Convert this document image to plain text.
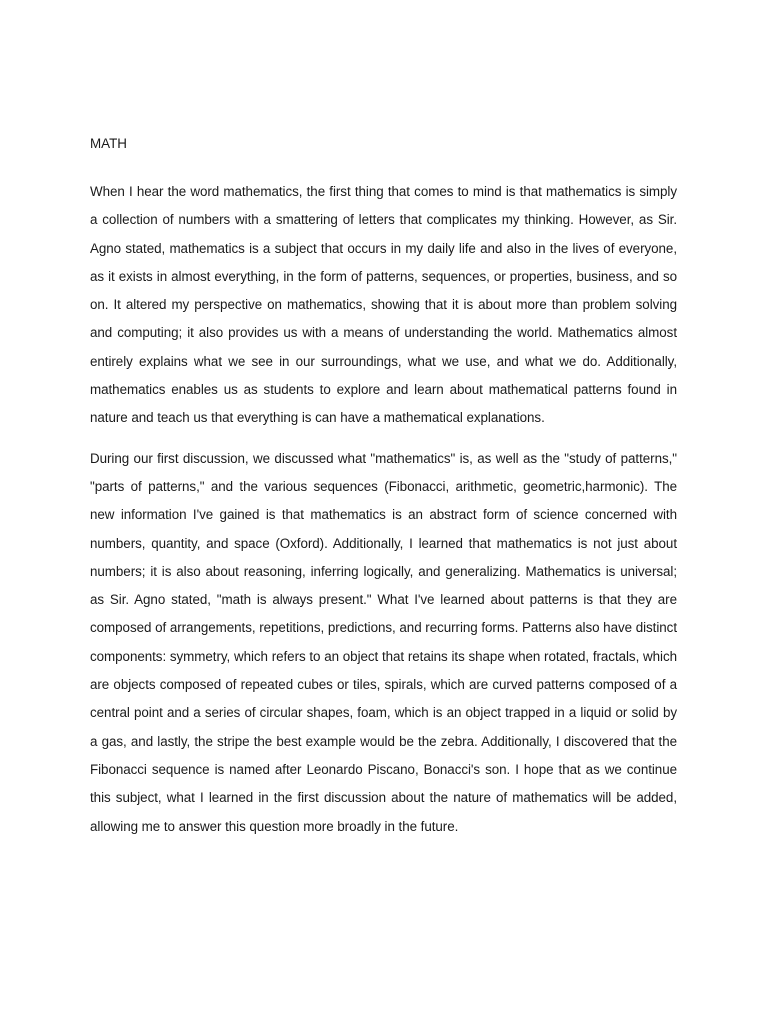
MATH

When I hear the word mathematics, the first thing that comes to mind is that mathematics is simply a collection of numbers with a smattering of letters that complicates my thinking. However, as Sir. Agno stated, mathematics is a subject that occurs in my daily life and also in the lives of everyone, as it exists in almost everything, in the form of patterns, sequences, or properties, business, and so on. It altered my perspective on mathematics, showing that it is about more than problem solving and computing; it also provides us with a means of understanding the world. Mathematics almost entirely explains what we see in our surroundings, what we use, and what we do. Additionally, mathematics enables us as students to explore and learn about mathematical patterns found in nature and teach us that everything is can have a mathematical explanations.

During our first discussion, we discussed what "mathematics" is, as well as the "study of patterns," "parts of patterns," and the various sequences (Fibonacci, arithmetic, geometric,harmonic). The new information I've gained is that mathematics is an abstract form of science concerned with numbers, quantity, and space (Oxford). Additionally, I learned that mathematics is not just about numbers; it is also about reasoning, inferring logically, and generalizing. Mathematics is universal; as Sir. Agno stated, "math is always present." What I've learned about patterns is that they are composed of arrangements, repetitions, predictions, and recurring forms. Patterns also have distinct components: symmetry, which refers to an object that retains its shape when rotated, fractals, which are objects composed of repeated cubes or tiles, spirals, which are curved patterns composed of a central point and a series of circular shapes, foam, which is an object trapped in a liquid or solid by a gas, and lastly, the stripe the best example would be the zebra. Additionally, I discovered that the Fibonacci sequence is named after Leonardo Piscano, Bonacci's son. I hope that as we continue this subject, what I learned in the first discussion about the nature of mathematics will be added, allowing me to answer this question more broadly in the future.
